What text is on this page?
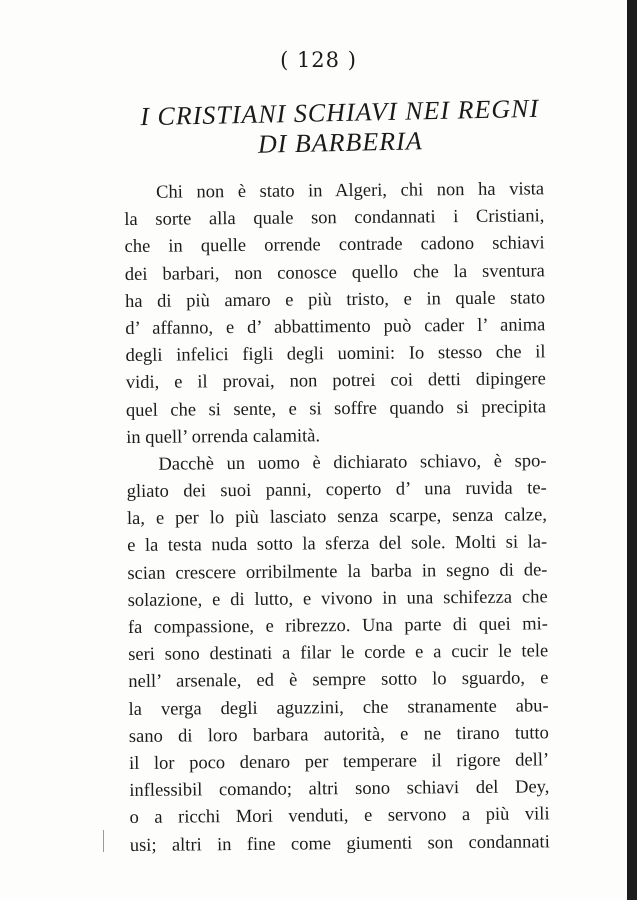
( 128 )
I CRISTIANI SCHIAVI NEI REGNI
DI BARBERIA
Chi non è stato in Algeri, chi non ha vista
la sorte alla quale son condannati i Cristiani,
che in quelle orrende contrade cadono schiavi
dei barbari, non conosce quello che la sventura
ha di più amaro e più tristo, e in quale stato
d’ affanno, e d’ abbattimento può cader l’ anima
degli infelici figli degli uomini: Io stesso che il
vidi, e il provai, non potrei coi detti dipingere
quel che si sente, e si soffre quando si precipita
in quell’ orrenda calamità.
Dacchè un uomo è dichiarato schiavo, è spo-
gliato dei suoi panni, coperto d’ una ruvida te-
la, e per lo più lasciato senza scarpe, senza calze,
e la testa nuda sotto la sferza del sole. Molti si la-
scian crescere orribilmente la barba in segno di de-
solazione, e di lutto, e vivono in una schifezza che
fa compassione, e ribrezzo. Una parte di quei mi-
seri sono destinati a filar le corde e a cucir le tele
nell’ arsenale, ed è sempre sotto lo sguardo, e
la verga degli aguzzini, che stranamente abu-
sano di loro barbara autorità, e ne tirano tutto
il lor poco denaro per temperare il rigore dell’
inflessibil comando; altri sono schiavi del Dey,
o a ricchi Mori venduti, e servono a più vili
usi; altri in fine come giumenti son condannati
